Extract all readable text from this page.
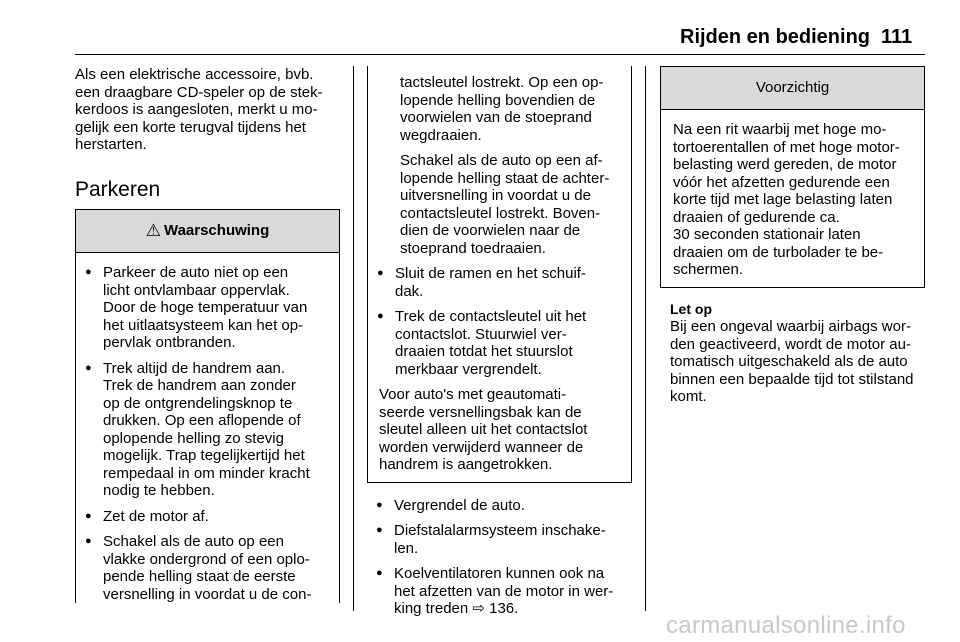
Rijden en bediening 111

Als een elektrische accessoire, bvb.
een draagbare CD-speler op de stek-
kerdoos is aangesloten, merkt u mo-
gelijk een korte terugval tijdens het
herstarten.

Parkeren
⚠ Waarschuwing

● Parkeer de auto niet op een
licht ontvlambaar oppervlak.
Door de hoge temperatuur van
het uitlaatsysteem kan het op-
pervlak ontbranden.

● Trek altijd de handrem aan.
Trek de handrem aan zonder
op de ontgrendelingsknop te
drukken. Op een aflopende of
oplopende helling zo stevig
mogelijk. Trap tegelijkertijd het
rempedaal in om minder kracht
nodig te hebben.

● Zet de motor af.

● Schakel als de auto op een
vlakke ondergrond of een oplo-
pende helling staat de eerste
versnelling in voordat u de con-

tactsleutel lostrekt. Op een op-
lopende helling bovendien de
voorwielen van de stoeprand
wegdraaien.

Schakel als de auto op een af-
lopende helling staat de achter-
uitversnelling in voordat u de
contactsleutel lostrekt. Boven-
dien de voorwielen naar de
stoeprand toedraaien.

● Sluit de ramen en het schuif-
dak.

● Trek de contactsleutel uit het
contactslot. Stuurwiel ver-
draaien totdat het stuurslot
merkbaar vergrendelt.

Voor auto's met geautomati-
seerde versnellingsbak kan de
sleutel alleen uit het contactslot
worden verwijderd wanneer de
handrem is aangetrokken.

● Vergrendel de auto.

● Diefstalalarmsysteem inschake-
len.

● Koelventilatoren kunnen ook na
het afzetten van de motor in wer-
king treden ⇨ 136.

Voorzichtig

Na een rit waarbij met hoge mo-
tortoerentallen of met hoge motor-
belasting werd gereden, de motor
vóór het afzetten gedurende een
korte tijd met lage belasting laten
draaien of gedurende ca.
30 seconden stationair laten
draaien om de turbolader te be-
schermen.

Let op

Bij een ongeval waarbij airbags wor-
den geactiveerd, wordt de motor au-
tomatisch uitgeschakeld als de auto
binnen een bepaalde tijd tot stilstand
komt.

carmanualsonline.info
